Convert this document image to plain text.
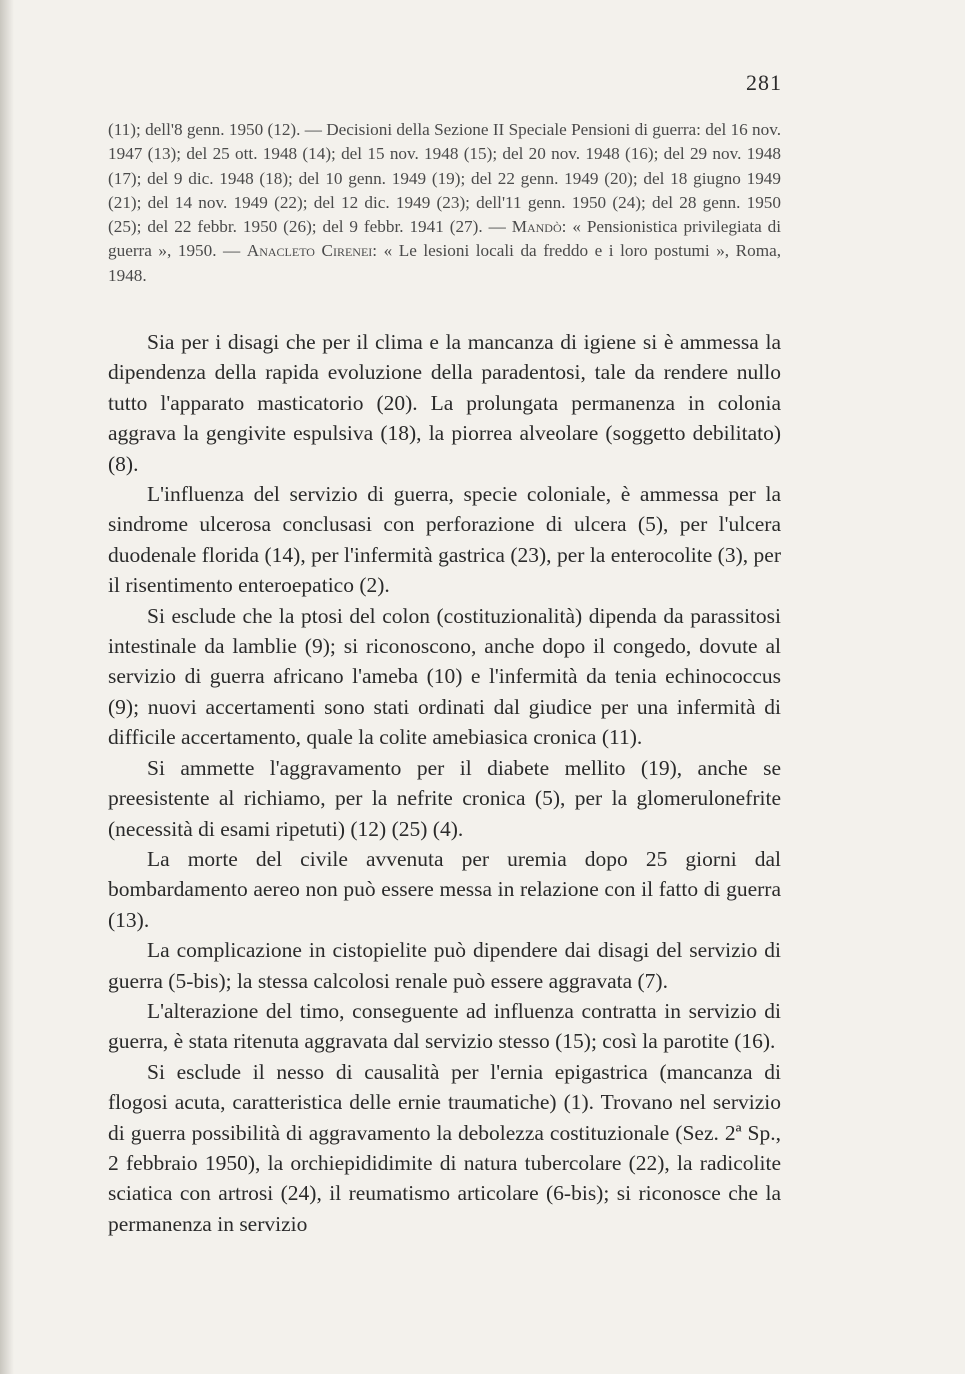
281
(11); dell'8 genn. 1950 (12). — Decisioni della Sezione II Speciale Pensioni di guerra: del 16 nov. 1947 (13); del 25 ott. 1948 (14); del 15 nov. 1948 (15); del 20 nov. 1948 (16); del 29 nov. 1948 (17); del 9 dic. 1948 (18); del 10 genn. 1949 (19); del 22 genn. 1949 (20); del 18 giugno 1949 (21); del 14 nov. 1949 (22); del 12 dic. 1949 (23); dell'11 genn. 1950 (24); del 28 genn. 1950 (25); del 22 febbr. 1950 (26); del 9 febbr. 1941 (27). — Mandò: « Pensionistica privilegiata di guerra », 1950. — Anacleto Cirenei: « Le lesioni locali da freddo e i loro postumi », Roma, 1948.

Sia per i disagi che per il clima e la mancanza di igiene si è ammessa la dipendenza della rapida evoluzione della paradentosi, tale da rendere nullo tutto l'apparato masticatorio (20). La prolungata permanenza in colonia aggrava la gengivite espulsiva (18), la piorrea alveolare (soggetto debilitato) (8).

L'influenza del servizio di guerra, specie coloniale, è ammessa per la sindrome ulcerosa conclusasi con perforazione di ulcera (5), per l'ulcera duodenale florida (14), per l'infermità gastrica (23), per la enterocolite (3), per il risentimento enteroepatico (2).

Si esclude che la ptosi del colon (costituzionalità) dipenda da parassitosi intestinale da lamblie (9); si riconoscono, anche dopo il congedo, dovute al servizio di guerra africano l'ameba (10) e l'infermità da tenia echinococcus (9); nuovi accertamenti sono stati ordinati dal giudice per una infermità di difficile accertamento, quale la colite amebiasica cronica (11).

Si ammette l'aggravamento per il diabete mellito (19), anche se preesistente al richiamo, per la nefrite cronica (5), per la glomerulonefrite (necessità di esami ripetuti) (12) (25) (4).

La morte del civile avvenuta per uremia dopo 25 giorni dal bombardamento aereo non può essere messa in relazione con il fatto di guerra (13).

La complicazione in cistopielite può dipendere dai disagi del servizio di guerra (5-bis); la stessa calcolosi renale può essere aggravata (7).

L'alterazione del timo, conseguente ad influenza contratta in servizio di guerra, è stata ritenuta aggravata dal servizio stesso (15); così la parotite (16).

Si esclude il nesso di causalità per l'ernia epigastrica (mancanza di flogosi acuta, caratteristica delle ernie traumatiche) (1). Trovano nel servizio di guerra possibilità di aggravamento la debolezza costituzionale (Sez. 2ª Sp., 2 febbraio 1950), la orchiepididimite di natura tubercolare (22), la radicolite sciatica con artrosi (24), il reumatismo articolare (6-bis); si riconosce che la permanenza in servizio
